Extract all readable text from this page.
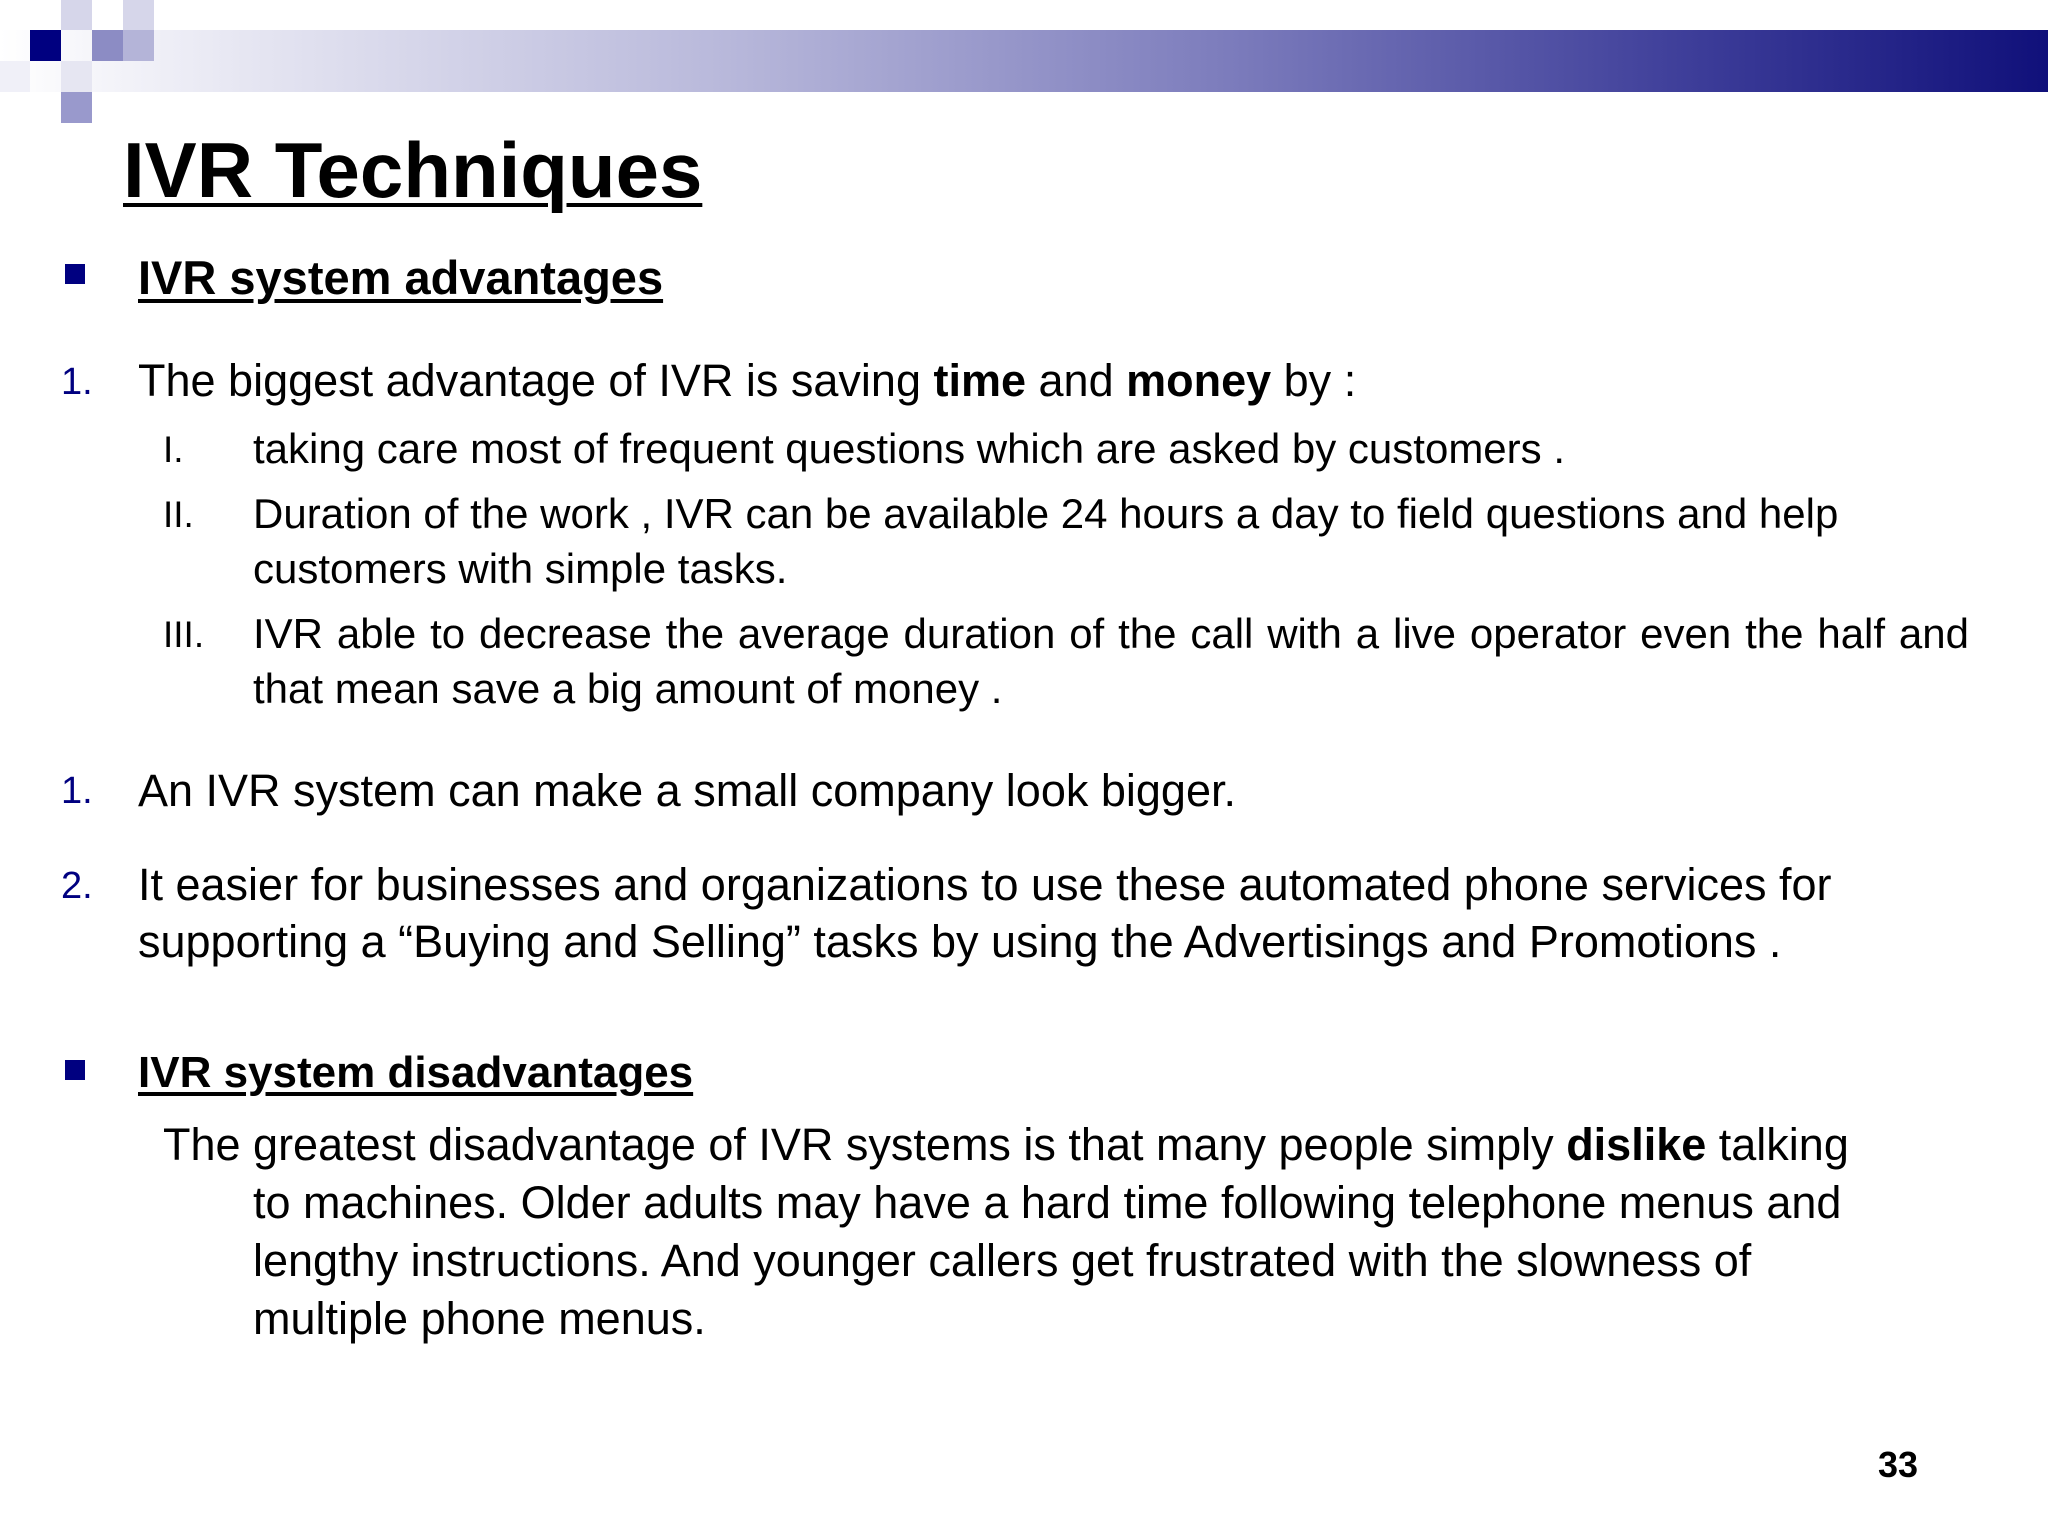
IVR Techniques
IVR system advantages
1. The biggest advantage of IVR is saving time and money by :

I. taking care most of frequent questions which are asked by customers .

II. Duration of the work , IVR can be available 24 hours a day to field questions and help customers with simple tasks.

III. IVR able to decrease the average duration of the call with a live operator even the half and that mean save a big amount of money .

1. An IVR system can make a small company look bigger.

2. It easier for businesses and organizations to use these automated phone services for supporting a “Buying and Selling” tasks by using the Advertisings and Promotions .

IVR system disadvantages

The greatest disadvantage of IVR systems is that many people simply dislike talking to machines. Older adults may have a hard time following telephone menus and lengthy instructions. And younger callers get frustrated with the slowness of multiple phone menus.

33
